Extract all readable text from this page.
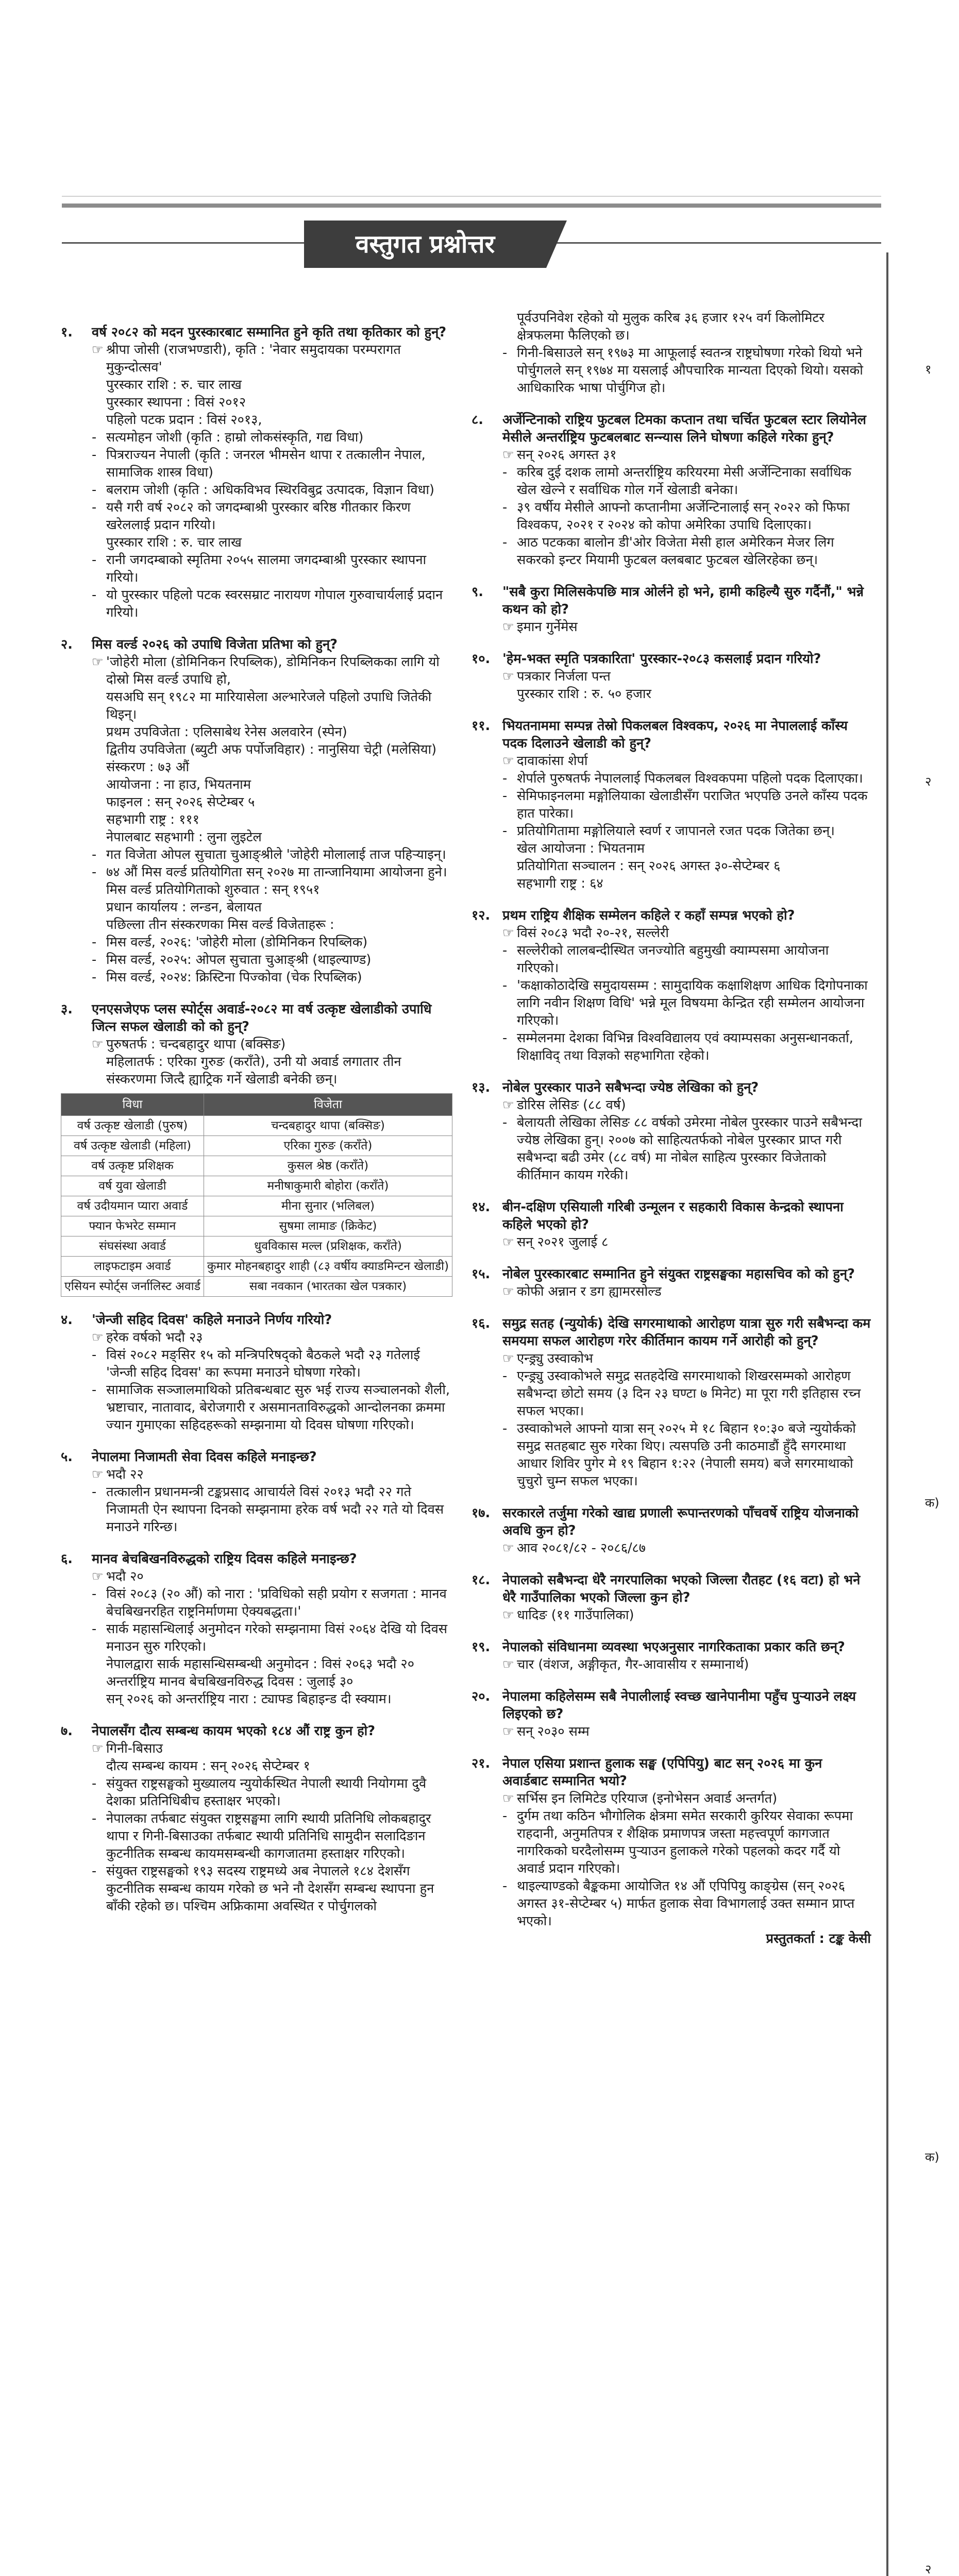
वस्तुगत प्रश्नोत्तर
१.	वर्ष २०८२ को मदन पुरस्कारबाट सम्मानित हुने कृति तथा कृतिकार को हुन्?

☞ श्रीपा जोसी (राजभण्डारी), कृति : 'नेवार समुदायका परम्परागत मुकुन्दोत्सव'

पुरस्कार राशि : रु. चार लाख

पुरस्कार स्थापना : विसं २०१२

पहिलो पटक प्रदान : विसं २०१३,

- सत्यमोहन जोशी (कृति : हाम्रो लोकसंस्कृति, गद्य विधा)

- पित्रराज्यन नेपाली (कृति : जनरल भीमसेन थापा र तत्कालीन नेपाल, सामाजिक शास्त्र विधा)

- बलराम जोशी (कृति : अधिकविभव स्थिरविबुद्र उत्पादक, विज्ञान विधा)

- यसै गरी वर्ष २०८२ को जगदम्बाश्री पुरस्कार बरिष्ठ गीतकार किरण खरेललाई प्रदान गरियो।

पुरस्कार राशि : रु. चार लाख

- रानी जगदम्बाको स्मृतिमा २०५५ सालमा जगदम्बाश्री पुरस्कार स्थापना गरियो।

- यो पुरस्कार पहिलो पटक स्वरसम्राट नारायण गोपाल गुरुवाचार्यलाई प्रदान गरियो।

२.	मिस वर्ल्ड २०२६ को उपाधि विजेता प्रतिभा को हुन्?

☞ 'जोहेरी मोला (डोमिनिकन रिपब्लिक), डोमिनिकन रिपब्लिकका लागि यो दोस्रो मिस वर्ल्ड उपाधि हो,

यसअघि सन् १९८२ मा मारियासेला अल्भारेजले पहिलो उपाधि जितेकी थिइन्।

प्रथम उपविजेता : एलिसाबेथ रेनेस अलवारेन (स्पेन)

द्वितीय उपविजेता (ब्युटी अफ पर्पोजविहार) : नानुसिया चेट्री (मलेसिया)

संस्करण : ७३ औं

आयोजना : ना हाउ, भियतनाम

फाइनल : सन् २०२६ सेप्टेम्बर ५

सहभागी राष्ट्र : १११

नेपालबाट सहभागी : लुना लुइटेल

- गत विजेता ओपल सुचाता चुआङ्श्रीले 'जोहेरी मोलालाई ताज पहिऱ्याइन्।

- ७४ औं मिस वर्ल्ड प्रतियोगिता सन् २०२७ मा तान्जानियामा आयोजना हुने।

मिस वर्ल्ड प्रतियोगिताको शुरुवात : सन् १९५१

प्रधान कार्यालय : लन्डन, बेलायत

पछिल्ला तीन संस्करणका मिस वर्ल्ड विजेताहरू :

- मिस वर्ल्ड, २०२६: 'जोहेरी मोला (डोमिनिकन रिपब्लिक)

- मिस वर्ल्ड, २०२५: ओपल सुचाता चुआङ्श्री (थाइल्याण्ड)

- मिस वर्ल्ड, २०२४: क्रिस्टिना पिज्कोवा (चेक रिपब्लिक)

३.	एनएसजेएफ प्लस स्पोर्ट्स अवार्ड-२०८२ मा वर्ष उत्कृष्ट खेलाडीको उपाधि जित्न सफल खेलाडी को को हुन्?

☞ पुरुषतर्फ : चन्दबहादुर थापा (बक्सिङ)

महिलातर्फ : एरिका गुरुङ (कराँते), उनी यो अवार्ड लगातार तीन संस्करणमा जित्दै ह्याट्रिक गर्ने खेलाडी बनेकी छन्।

विधा	विजेता
वर्ष उत्कृष्ट खेलाडी (पुरुष)	चन्दबहादुर थापा (बक्सिङ)
वर्ष उत्कृष्ट खेलाडी (महिला)	एरिका गुरुङ (कराँते)
वर्ष उत्कृष्ट प्रशिक्षक	कुसल श्रेष्ठ (कराँते)
वर्ष युवा खेलाडी	मनीषाकुमारी बोहोरा (कराँते)
वर्ष उदीयमान प्यारा अवार्ड	मीना सुनार (भलिबल)
फ्यान फेभरेट सम्मान	सुषमा लामाङ (क्रिकेट)
संघसंस्था अवार्ड	धुवविकास मल्ल (प्रशिक्षक, कराँते)
लाइफटाइम अवार्ड	कुमार मोहनबहादुर शाही (८३ वर्षीय क्याडमिन्टन खेलाडी)
एसियन स्पोर्ट्स जर्नालिस्ट अवार्ड	सबा नवकान (भारतका खेल पत्रकार)
४.	'जेन्जी सहिद दिवस' कहिले मनाउने निर्णय गरियो?

☞ हरेक वर्षको भदौ २३

- विसं २०८२ मङ्सिर १५ को मन्त्रिपरिषद्‌को बैठकले भदौ २३ गतेलाई 'जेन्जी सहिद दिवस' का रूपमा मनाउने घोषणा गरेको।

- सामाजिक सञ्जालमाथिको प्रतिबन्धबाट सुरु भई राज्य सञ्चालनको शैली, भ्रष्टाचार, नातावाद, बेरोजगारी र असमानताविरुद्धको आन्दोलनका क्रममा ज्यान गुमाएका सहिदहरूको सम्झनामा यो दिवस घोषणा गरिएको।

५.	नेपालमा निजामती सेवा दिवस कहिले मनाइन्छ?

☞ भदौ २२

- तत्कालीन प्रधानमन्त्री टङ्कप्रसाद आचार्यले विसं २०१३ भदौ २२ गते निजामती ऐन स्थापना दिनको सम्झनामा हरेक वर्ष भदौ २२ गते यो दिवस मनाउने गरिन्छ।

६.	मानव बेचबिखनविरुद्धको राष्ट्रिय दिवस कहिले मनाइन्छ?

☞ भदौ २०

- विसं २०८३ (२० औं) को नारा : 'प्रविधिको सही प्रयोग र सजगता : मानव बेचबिखनरहित राष्ट्रनिर्माणमा ऐक्यबद्धता।'

- सार्क महासन्धिलाई अनुमोदन गरेको सम्झनामा विसं २०६४ देखि यो दिवस मनाउन सुरु गरिएको।

नेपालद्वारा सार्क महासन्धिसम्बन्धी अनुमोदन : विसं २०६३ भदौ २०

अन्तर्राष्ट्रिय मानव बेचबिखनविरुद्ध दिवस : जुलाई ३०

सन् २०२६ को अन्तर्राष्ट्रिय नारा : ट्याफ्ड बिहाइन्ड दी स्क्याम।

७.	नेपालसँग दौत्य सम्बन्ध कायम भएको १८४ औं राष्ट्र कुन हो?

☞ गिनी-बिसाउ

दौत्य सम्बन्ध कायम : सन् २०२६ सेप्टेम्बर १

- संयुक्त राष्ट्रसङ्घको मुख्यालय न्युयोर्कस्थित नेपाली स्थायी नियोगमा दुवै देशका प्रतिनिधिबीच हस्ताक्षर भएको।

- नेपालका तर्फबाट संयुक्त राष्ट्रसङ्घमा लागि स्थायी प्रतिनिधि लोकबहादुर थापा र गिनी-बिसाउका तर्फबाट स्थायी प्रतिनिधि सामुदीन सलादिङान कुटनीतिक सम्बन्ध कायमसम्बन्धी कागजातमा हस्ताक्षर गरिएको।

- संयुक्त राष्ट्रसङ्घको १९३ सदस्य राष्ट्रमध्ये अब नेपालले १८४ देशसँग कुटनीतिक सम्बन्ध कायम गरेको छ भने नौ देशसँग सम्बन्ध स्थापना हुन बाँकी रहेको छ। पश्चिम अफ्रिकामा अवस्थित र पोर्चुगलको

पूर्वउपनिवेश रहेको यो मुलुक करिब ३६ हजार १२५ वर्ग किलोमिटर क्षेत्रफलमा फैलिएको छ।

- गिनी-बिसाउले सन् १९७३ मा आफूलाई स्वतन्त्र राष्ट्रघोषणा गरेको थियो भने पोर्चुगलले सन् १९७४ मा यसलाई औपचारिक मान्यता दिएको थियो। यसको आधिकारिक भाषा पोर्चुगिज हो।

८.	अर्जेन्टिनाको राष्ट्रिय फुटबल टिमका कप्तान तथा चर्चित फुटबल स्टार लियोनेल मेसीले अन्तर्राष्ट्रिय फुटबलबाट सन्न्यास लिने घोषणा कहिले गरेका हुन्?

☞ सन् २०२६ अगस्त ३१

- करिब दुई दशक लामो अन्तर्राष्ट्रिय करियरमा मेसी अर्जेन्टिनाका सर्वाधिक खेल खेल्ने र सर्वाधिक गोल गर्ने खेलाडी बनेका।

- ३९ वर्षीय मेसीले आफ्नो कप्तानीमा अर्जेन्टिनालाई सन् २०२२ को फिफा विश्वकप, २०२१ र २०२४ को कोपा अमेरिका उपाधि दिलाएका।

- आठ पटकका बालोन डी'ओर विजेता मेसी हाल अमेरिकन मेजर लिग सकरको इन्टर मियामी फुटबल क्लबबाट फुटबल खेलिरहेका छन्।

९.	"सबै कुरा मिलिसकेपछि मात्र ओर्लने हो भने, हामी कहिल्यै सुरु गर्दैनौं," भन्ने कथन को हो?

☞ इमान गुर्नेमेस

१०. 'हेम-भक्त स्मृति पत्रकारिता' पुरस्कार-२०८३ कसलाई प्रदान गरियो?

☞ पत्रकार निर्जला पन्त

पुरस्कार राशि : रु. ५० हजार

११. भियतनाममा सम्पन्न तेस्रो पिकलबल विश्वकप, २०२६ मा नेपाललाई काँस्य पदक दिलाउने खेलाडी को हुन्?

☞ दावाकांसा शेर्पा

- शेर्पाले पुरुषतर्फ नेपाललाई पिकलबल विश्वकपमा पहिलो पदक दिलाएका।

- सेमिफाइनलमा मङ्गोलियाका खेलाडीसँग पराजित भएपछि उनले काँस्य पदक हात पारेका।

- प्रतियोगितामा मङ्गोलियाले स्वर्ण र जापानले रजत पदक जितेका छन्।

खेल आयोजना : भियतनाम

प्रतियोगिता सञ्चालन : सन् २०२६ अगस्त ३०-सेप्टेम्बर ६

सहभागी राष्ट्र : ६४

१२. प्रथम राष्ट्रिय शैक्षिक सम्मेलन कहिले र कहाँ सम्पन्न भएको हो?

☞ विसं २०८३ भदौ २०-२१, सल्लेरी

- सल्लेरीको लालबन्दीस्थित जनज्योति बहुमुखी क्याम्पसमा आयोजना गरिएको।

- 'कक्षाकोठादेखि समुदायसम्म : सामुदायिक कक्षाशिक्षण आधिक दिगोपनाका लागि नवीन शिक्षण विधि' भन्ने मूल विषयमा केन्द्रित रही सम्मेलन आयोजना गरिएको।

- सम्मेलनमा देशका विभिन्न विश्वविद्यालय एवं क्याम्पसका अनुसन्धानकर्ता, शिक्षाविद् तथा विज्ञको सहभागिता रहेको।

१३. नोबेल पुरस्कार पाउने सबैभन्दा ज्येष्ठ लेखिका को हुन्?

☞ डोरिस लेसिङ (८८ वर्ष)

- बेलायती लेखिका लेसिङ ८८ वर्षको उमेरमा नोबेल पुरस्कार पाउने सबैभन्दा ज्येष्ठ लेखिका हुन्। २००७ को साहित्यतर्फको नोबेल पुरस्कार प्राप्त गरी सबैभन्दा बढी उमेर (८८ वर्ष) मा नोबेल साहित्य पुरस्कार विजेताको कीर्तिमान कायम गरेकी।

१४. बीन-दक्षिण एसियाली गरिबी उन्मूलन र सहकारी विकास केन्द्रको स्थापना कहिले भएको हो?

☞ सन् २०२१ जुलाई ८

१५. नोबेल पुरस्कारबाट सम्मानित हुने संयुक्त राष्ट्रसङ्घका महासचिव को को हुन्?

☞ कोफी अन्नान र डग ह्यामरसोल्ड

१६. समुद्र सतह (न्युयोर्क) देखि सगरमाथाको आरोहण यात्रा सुरु गरी सबैभन्दा कम समयमा सफल आरोहण गरेर कीर्तिमान कायम गर्ने आरोही को हुन्?

☞ एन्ड्र्यु उस्वाकोभ

- एन्ड्र्यु उस्वाकोभले समुद्र सतहदेखि सगरमाथाको शिखरसम्मको आरोहण सबैभन्दा छोटो समय (३ दिन २३ घण्टा ७ मिनेट) मा पूरा गरी इतिहास रच्न सफल भएका।

- उस्वाकोभले आफ्नो यात्रा सन् २०२५ मे १८ बिहान १०:३० बजे न्युयोर्कको समुद्र सतहबाट सुरु गरेका थिए। त्यसपछि उनी काठमाडौं हुँदै सगरमाथा आधार शिविर पुगेर मे १९ बिहान १:२२ (नेपाली समय) बजे सगरमाथाको चुचुरो चुम्न सफल भएका।

१७. सरकारले तर्जुमा गरेको खाद्य प्रणाली रूपान्तरणको पाँचवर्षे राष्ट्रिय योजनाको अवधि कुन हो?

☞ आव २०८१/८२ - २०८६/८७

१८. नेपालको सबैभन्दा धेरै नगरपालिका भएको जिल्ला रौतहट (१६ वटा) हो भने धेरै गाउँपालिका भएको जिल्ला कुन हो?

☞ धादिङ (११ गाउँपालिका)

१९. नेपालको संविधानमा व्यवस्था भएअनुसार नागरिकताका प्रकार कति छन्?

☞ चार (वंशज, अङ्गीकृत, गैर-आवासीय र सम्मानार्थ)

२०. नेपालमा कहिलेसम्म सबै नेपालीलाई स्वच्छ खानेपानीमा पहुँच पुऱ्याउने लक्ष्य लिइएको छ?

☞ सन् २०३० सम्म

२१. नेपाल एसिया प्रशान्त हुलाक सङ्घ (एपिपियु) बाट सन् २०२६ मा कुन अवार्डबाट सम्मानित भयो?

☞ सर्भिस इन लिमिटेड एरियाज (इनोभेसन अवार्ड अन्तर्गत)

- दुर्गम तथा कठिन भौगोलिक क्षेत्रमा समेत सरकारी कुरियर सेवाका रूपमा राहदानी, अनुमतिपत्र र शैक्षिक प्रमाणपत्र जस्ता महत्त्वपूर्ण कागजात नागरिकको घरदैलोसम्म पुऱ्याउन हुलाकले गरेको पहलको कदर गर्दै यो अवार्ड प्रदान गरिएको।

- थाइल्याण्डको बैङ्ककमा आयोजित १४ औं एपिपियु काङ्ग्रेस (सन् २०२६ अगस्त ३१-सेप्टेम्बर ५) मार्फत हुलाक सेवा विभागलाई उक्त सम्मान प्राप्त भएको।

प्रस्तुतकर्ता : टङ्क केसी
१
२
क)
क)
२
